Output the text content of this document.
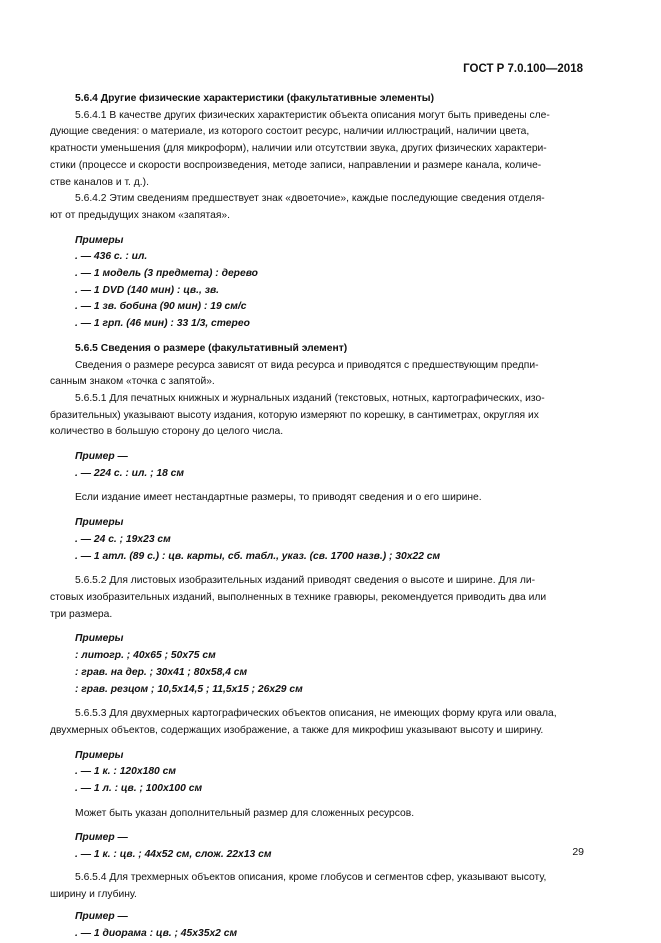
ГОСТ Р 7.0.100—2018
5.6.4 Другие физические характеристики (факультативные элементы)
5.6.4.1 В качестве других физических характеристик объекта описания могут быть приведены сле-
дующие сведения: о материале, из которого состоит ресурс, наличии иллюстраций, наличии цвета,
кратности уменьшения (для микроформ), наличии или отсутствии звука, других физических характери-
стики (процессе и скорости воспроизведения, методе записи, направлении и размере канала, количе-
стве каналов и т. д.).
5.6.4.2 Этим сведениям предшествует знак «двоеточие», каждые последующие сведения отделя-
ют от предыдущих знаком «запятая».
Примеры
. — 436 с. : ил.
. — 1 модель (3 предмета) : дерево
. — 1 DVD (140 мин) : цв., зв.
. — 1 зв. бобина (90 мин) : 19 см/с
. — 1 грп. (46 мин) : 33 1/3, стерео
5.6.5 Сведения о размере (факультативный элемент)
Сведения о размере ресурса зависят от вида ресурса и приводятся с предшествующим предпи-
санным знаком «точка с запятой».
5.6.5.1 Для печатных книжных и журнальных изданий (текстовых, нотных, картографических, изо-
бразительных) указывают высоту издания, которую измеряют по корешку, в сантиметрах, округляя их
количество в большую сторону до целого числа.
Пример —
. — 224 с. : ил. ; 18 см
Если издание имеет нестандартные размеры, то приводят сведения и о его ширине.
Примеры
. — 24 с. ; 19x23 см
. — 1 атл. (89 с.) : цв. карты, сб. табл., указ. (св. 1700 назв.) ; 30x22 см
5.6.5.2 Для листовых изобразительных изданий приводят сведения о высоте и ширине. Для ли-
стовых изобразительных изданий, выполненных в технике гравюры, рекомендуется приводить два или
три размера.
Примеры
: литогр. ; 40x65 ; 50x75 см
: грав. на дер. ; 30x41 ; 80x58,4 см
: грав. резцом ; 10,5x14,5 ; 11,5x15 ; 26x29 см
5.6.5.3 Для двухмерных картографических объектов описания, не имеющих форму круга или овала,
двухмерных объектов, содержащих изображение, а также для микрофиш указывают высоту и ширину.
Примеры
. — 1 к. : 120x180 см
. — 1 л. : цв. ; 100x100 см
Может быть указан дополнительный размер для сложенных ресурсов.
Пример —
. — 1 к. : цв. ; 44x52 см, слож. 22x13 см
5.6.5.4 Для трехмерных объектов описания, кроме глобусов и сегментов сфер, указывают высоту,
ширину и глубину.
Пример —
. — 1 диорама : цв. ; 45x35x2 см
29
